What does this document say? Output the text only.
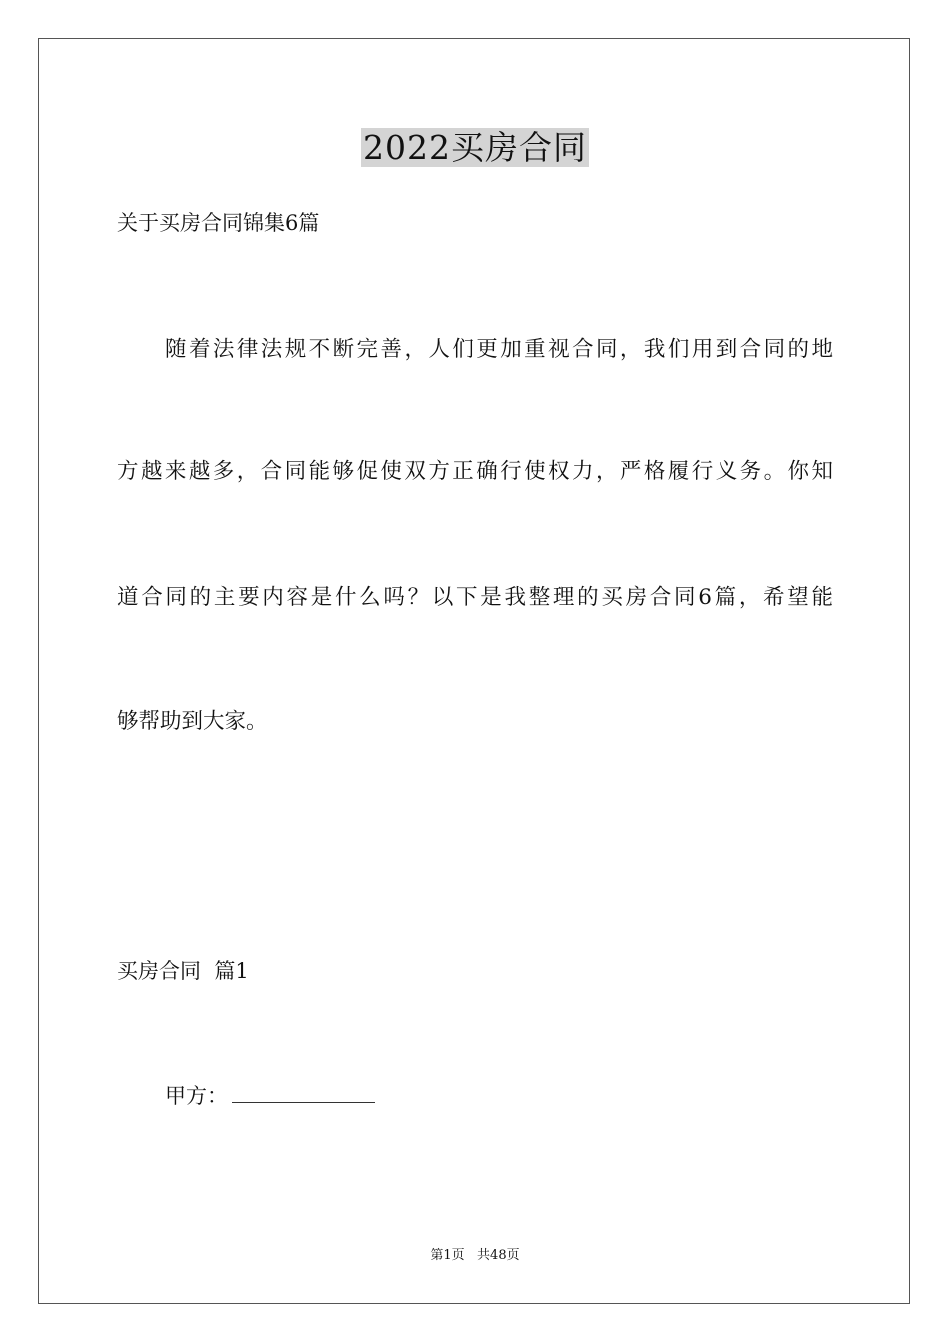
2022买房合同
关于买房合同锦集6篇
随着法律法规不断完善，人们更加重视合同，我们用到合同的地
方越来越多，合同能够促使双方正确行使权力，严格履行义务。你知
道合同的主要内容是什么吗？以下是我整理的买房合同6篇，希望能
够帮助到大家。
买房合同  篇1
甲方：
第1页   共48页
